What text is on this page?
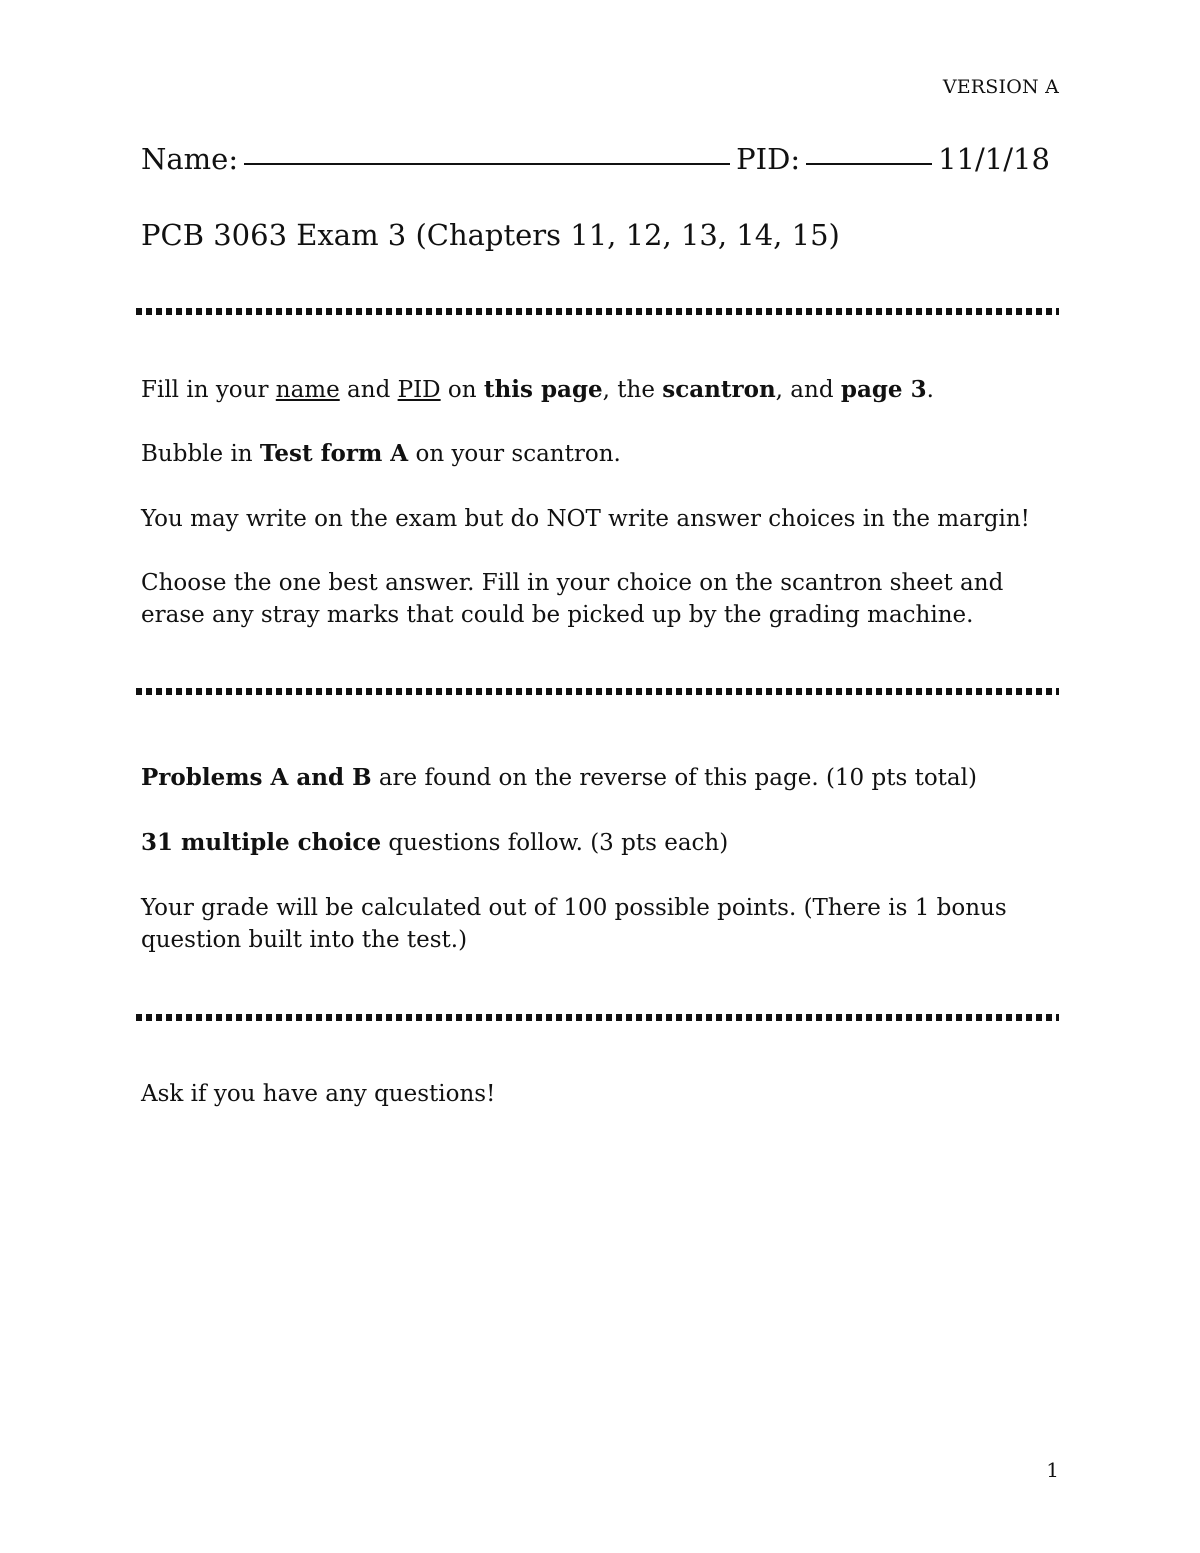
VERSION A
Name:	PID:	11/1/18
PCB 3063 Exam 3 (Chapters 11, 12, 13, 14, 15)

Fill in your name and PID on this page, the scantron, and page 3.

Bubble in Test form A on your scantron.

You may write on the exam but do NOT write answer choices in the margin!

Choose the one best answer. Fill in your choice on the scantron sheet and
erase any stray marks that could be picked up by the grading machine.

Problems A and B are found on the reverse of this page. (10 pts total)

31 multiple choice questions follow. (3 pts each)

Your grade will be calculated out of 100 possible points. (There is 1 bonus
question built into the test.)

Ask if you have any questions!

1
